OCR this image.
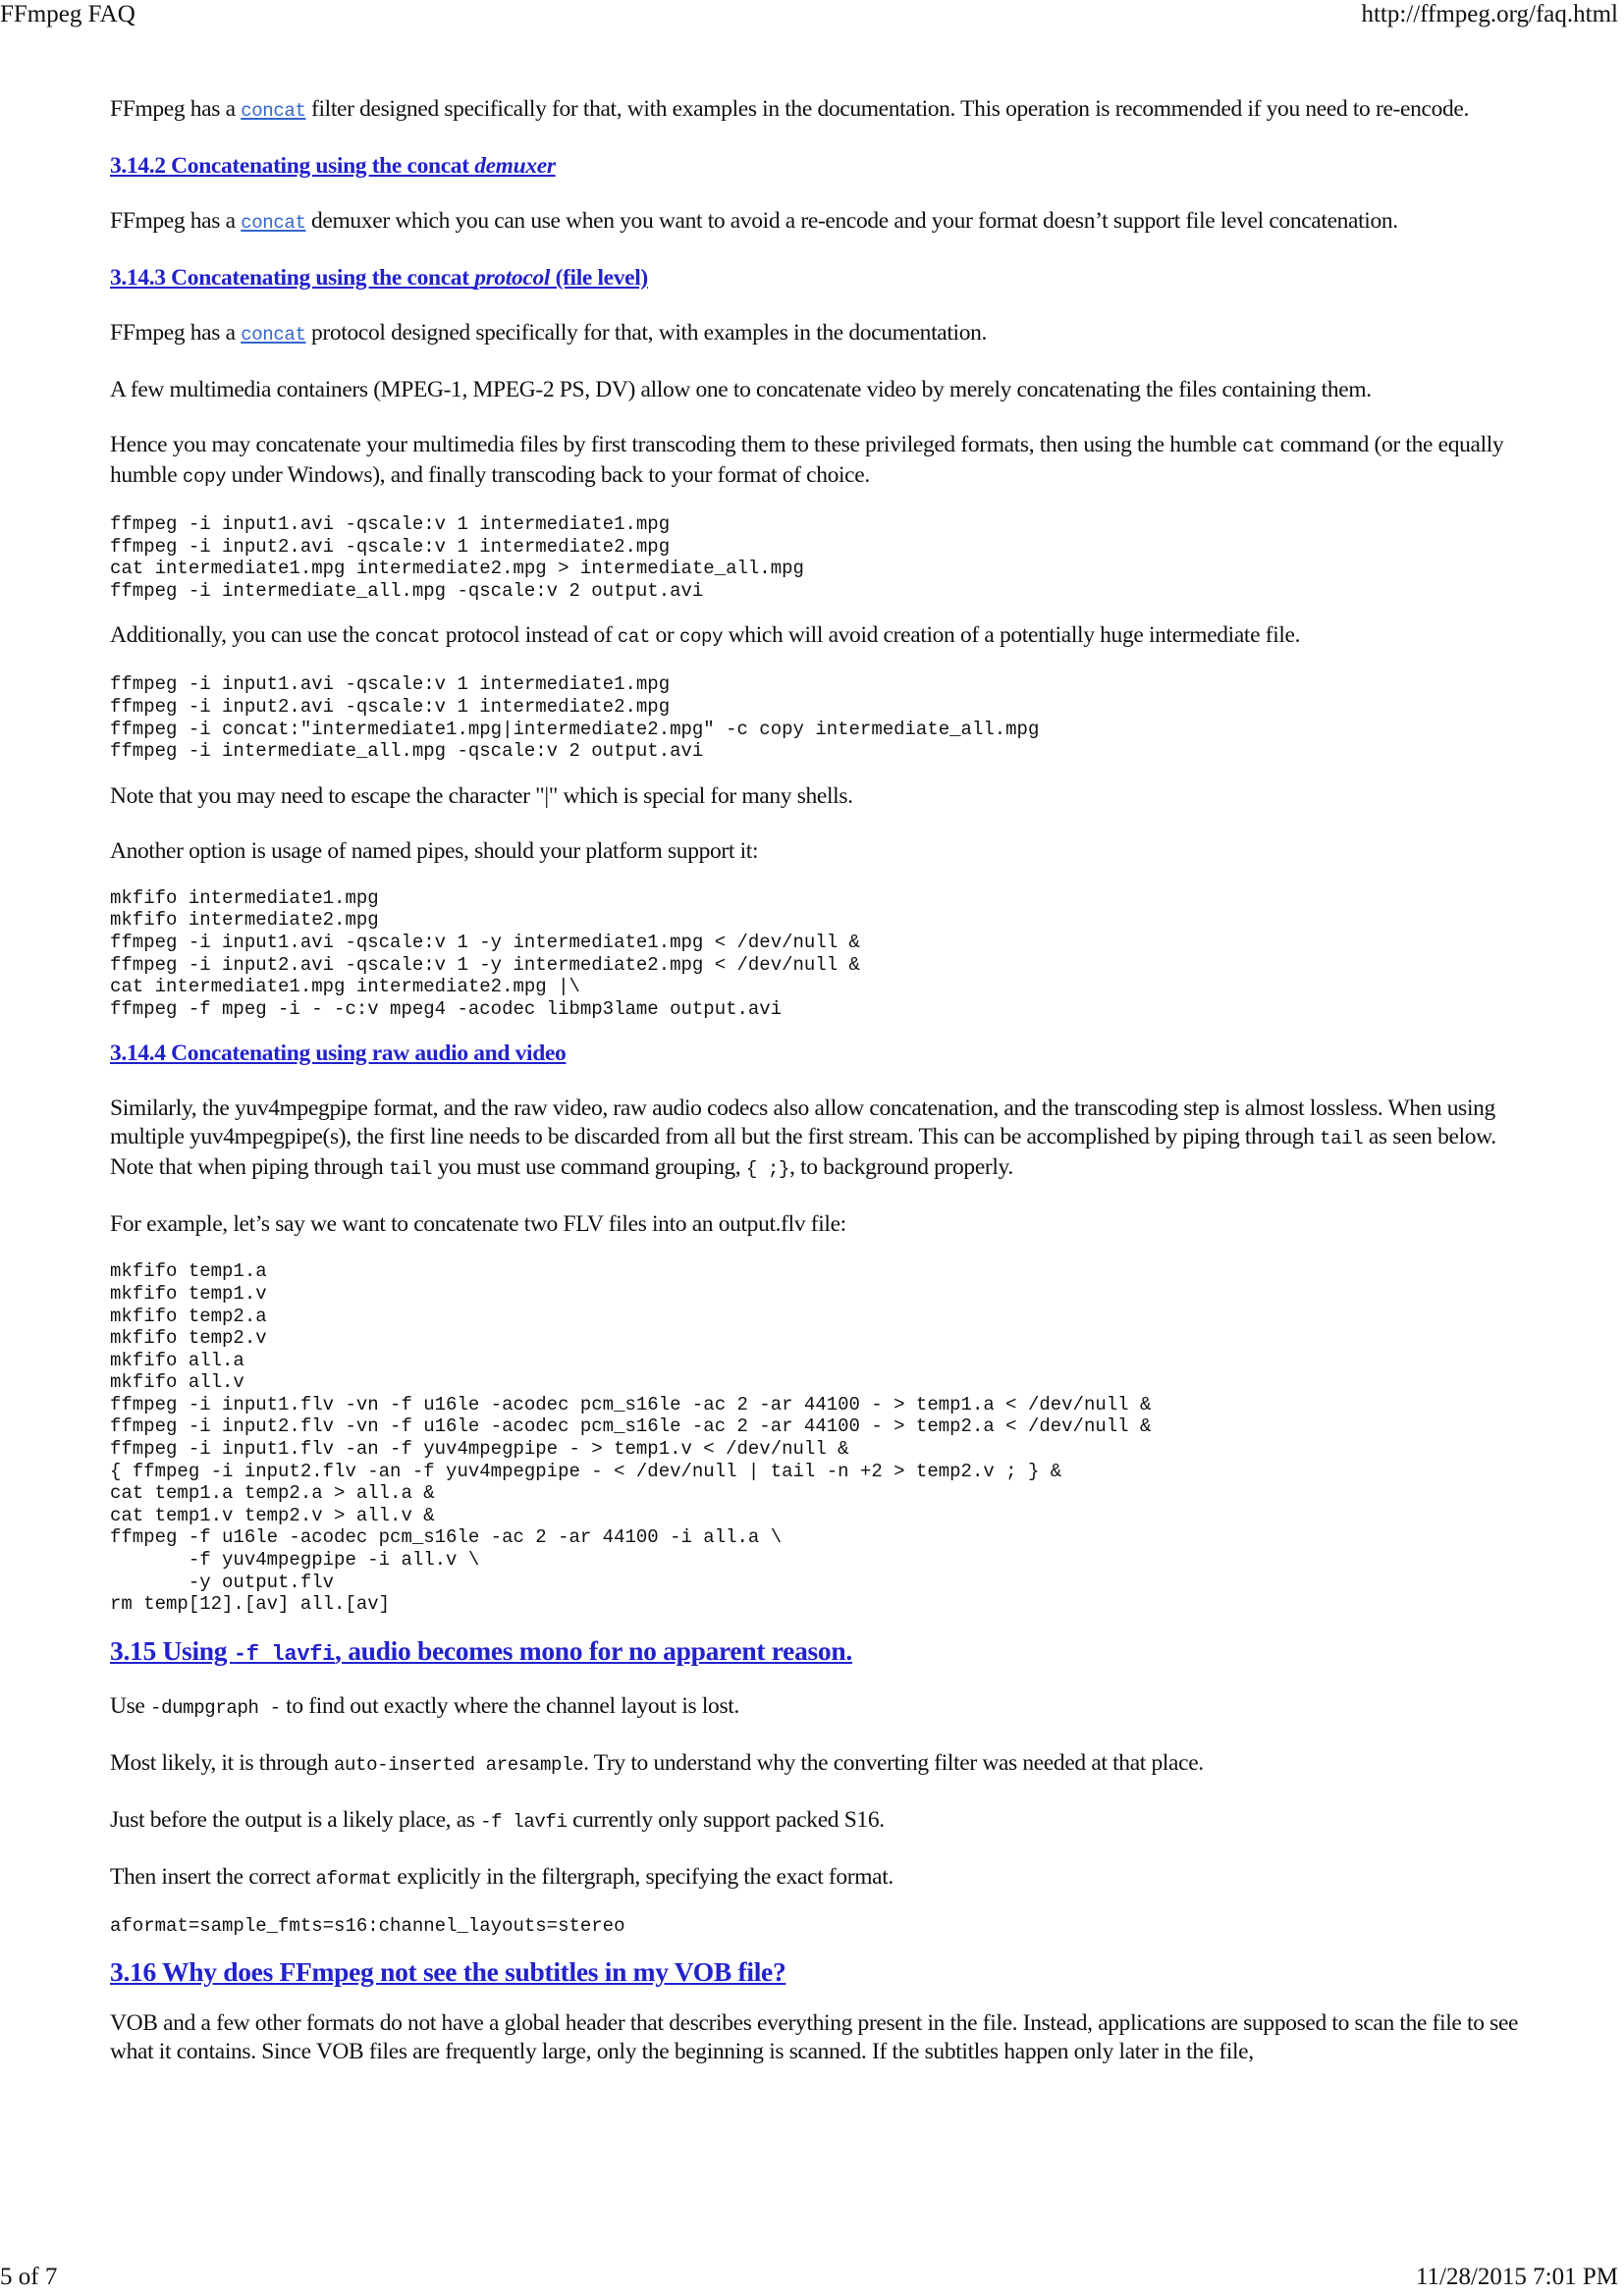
FFmpeg FAQ	http://ffmpeg.org/faq.html

FFmpeg has a concat filter designed specifically for that, with examples in the documentation. This operation is recommended if you need to re-encode.

3.14.2 Concatenating using the concat demuxer

FFmpeg has a concat demuxer which you can use when you want to avoid a re-encode and your format doesn’t support file level concatenation.

3.14.3 Concatenating using the concat protocol (file level)

FFmpeg has a concat protocol designed specifically for that, with examples in the documentation.

A few multimedia containers (MPEG-1, MPEG-2 PS, DV) allow one to concatenate video by merely concatenating the files containing them.

Hence you may concatenate your multimedia files by first transcoding them to these privileged formats, then using the humble cat command (or the equally humble copy under Windows), and finally transcoding back to your format of choice.

ffmpeg -i input1.avi -qscale:v 1 intermediate1.mpg
ffmpeg -i input2.avi -qscale:v 1 intermediate2.mpg
cat intermediate1.mpg intermediate2.mpg > intermediate_all.mpg
ffmpeg -i intermediate_all.mpg -qscale:v 2 output.avi

Additionally, you can use the concat protocol instead of cat or copy which will avoid creation of a potentially huge intermediate file.

ffmpeg -i input1.avi -qscale:v 1 intermediate1.mpg
ffmpeg -i input2.avi -qscale:v 1 intermediate2.mpg
ffmpeg -i concat:"intermediate1.mpg|intermediate2.mpg" -c copy intermediate_all.mpg
ffmpeg -i intermediate_all.mpg -qscale:v 2 output.avi

Note that you may need to escape the character "|" which is special for many shells.

Another option is usage of named pipes, should your platform support it:

mkfifo intermediate1.mpg
mkfifo intermediate2.mpg
ffmpeg -i input1.avi -qscale:v 1 -y intermediate1.mpg < /dev/null &
ffmpeg -i input2.avi -qscale:v 1 -y intermediate2.mpg < /dev/null &
cat intermediate1.mpg intermediate2.mpg |\
ffmpeg -f mpeg -i - -c:v mpeg4 -acodec libmp3lame output.avi
3.14.4 Concatenating using raw audio and video

Similarly, the yuv4mpegpipe format, and the raw video, raw audio codecs also allow concatenation, and the transcoding step is almost lossless. When using multiple yuv4mpegpipe(s), the first line needs to be discarded from all but the first stream. This can be accomplished by piping through tail as seen below. Note that when piping through tail you must use command grouping, { ;}, to background properly.

For example, let’s say we want to concatenate two FLV files into an output.flv file:

mkfifo temp1.a
mkfifo temp1.v
mkfifo temp2.a
mkfifo temp2.v
mkfifo all.a
mkfifo all.v
ffmpeg -i input1.flv -vn -f u16le -acodec pcm_s16le -ac 2 -ar 44100 - > temp1.a < /dev/null &
ffmpeg -i input2.flv -vn -f u16le -acodec pcm_s16le -ac 2 -ar 44100 - > temp2.a < /dev/null &
ffmpeg -i input1.flv -an -f yuv4mpegpipe - > temp1.v < /dev/null &
{ ffmpeg -i input2.flv -an -f yuv4mpegpipe - < /dev/null | tail -n +2 > temp2.v ; } &
cat temp1.a temp2.a > all.a &
cat temp1.v temp2.v > all.v &
ffmpeg -f u16le -acodec pcm_s16le -ac 2 -ar 44100 -i all.a \
-f yuv4mpegpipe -i all.v \
-y output.flv
rm temp[12].[av] all.[av]
3.15 Using -f lavfi, audio becomes mono for no apparent reason.

Use -dumpgraph - to find out exactly where the channel layout is lost.

Most likely, it is through auto-inserted aresample. Try to understand why the converting filter was needed at that place.

Just before the output is a likely place, as -f lavfi currently only support packed S16.

Then insert the correct aformat explicitly in the filtergraph, specifying the exact format.

aformat=sample_fmts=s16:channel_layouts=stereo
3.16 Why does FFmpeg not see the subtitles in my VOB file?

VOB and a few other formats do not have a global header that describes everything present in the file. Instead, applications are supposed to scan the file to see what it contains. Since VOB files are frequently large, only the beginning is scanned. If the subtitles happen only later in the file,

5 of 7	11/28/2015 7:01 PM
